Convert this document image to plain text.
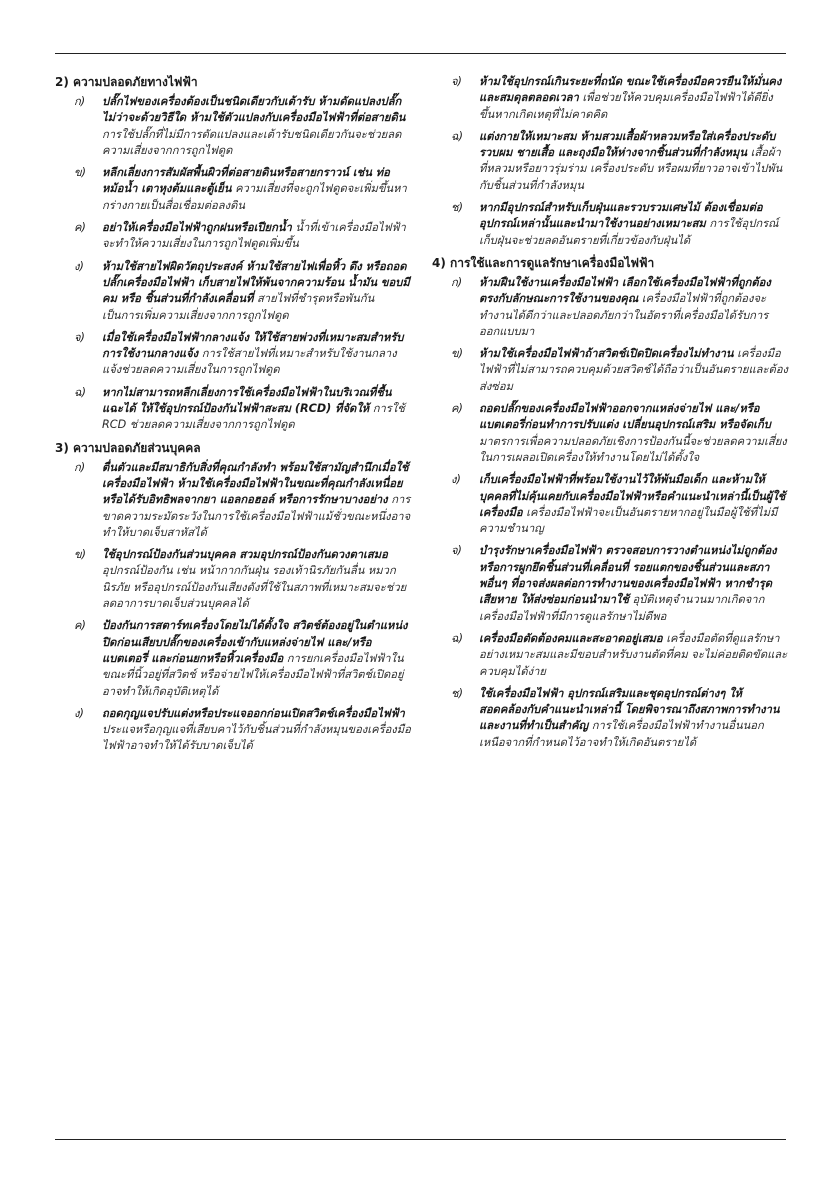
2) ความปลอดภัยทางไฟฟ้า
ก) ปลั๊กไฟของเครื่องต้องเป็นชนิดเดียวกับเต้ารับ ห้ามดัดแปลงปลั๊กไม่ว่าจะด้วยวิธีใด ห้ามใช้ตัวแปลงกับเครื่องมือไฟฟ้าที่ต่อสายดิน การใช้ปลั๊กที่ไม่มีการดัดแปลงและเต้ารับชนิดเดียวกันจะช่วยลดความเสี่ยงจากการถูกไฟดูด
ข) หลีกเลี่ยงการสัมผัสพื้นผิวที่ต่อสายดินหรือสายกราวน์ เช่น ท่อ หม้อน้ำ เตาหุงต้มและตู้เย็น ความเสี่ยงที่จะถูกไฟดูดจะเพิ่มขึ้นหากร่างกายเป็นสื่อเชื่อมต่อลงดิน
ค) อย่าให้เครื่องมือไฟฟ้าถูกฝนหรือเปียกน้ำ น้ำที่เข้าเครื่องมือไฟฟ้าจะทำให้ความเสี่ยงในการถูกไฟดูดเพิ่มขึ้น
ง) ห้ามใช้สายไฟผิดวัตถุประสงค์ ห้ามใช้สายไฟเพื่อหิ้ว ดึง หรือถอดปลั๊กเครื่องมือไฟฟ้า เก็บสายไฟให้พ้นจากความร้อน น้ำมัน ขอบมีคม หรือ ชิ้นส่วนที่กำลังเคลื่อนที่ สายไฟที่ชำรุดหรือพันกันเป็นการเพิ่มความเสี่ยงจากการถูกไฟดูด
จ) เมื่อใช้เครื่องมือไฟฟ้ากลางแจ้ง ให้ใช้สายพ่วงที่เหมาะสมสำหรับการใช้งานกลางแจ้ง การใช้สายไฟที่เหมาะสำหรับใช้งานกลางแจ้งช่วยลดความเสี่ยงในการถูกไฟดูด
ฉ) หากไม่สามารถหลีกเลี่ยงการใช้เครื่องมือไฟฟ้าในบริเวณที่ชื้นแฉะได้ ให้ใช้อุปกรณ์ป้องกันไฟฟ้าสะสม (RCD) ที่จัดให้ การใช้ RCD ช่วยลดความเสี่ยงจากการถูกไฟดูด
3) ความปลอดภัยส่วนบุคคล
ก) ตื่นตัวและมีสมาธิกับสิ่งที่คุณกำลังทำ พร้อมใช้สามัญสำนึกเมื่อใช้เครื่องมือไฟฟ้า ห้ามใช้เครื่องมือไฟฟ้าในขณะที่คุณกำลังเหนื่อยหรือได้รับอิทธิพลจากยา แอลกอฮอล์ หรือการรักษาบางอย่าง การขาดความระมัดระวังในการใช้เครื่องมือไฟฟ้าแม้ชั่วขณะหนึ่งอาจทำให้บาดเจ็บสาหัสได้
ข) ใช้อุปกรณ์ป้องกันส่วนบุคคล สวมอุปกรณ์ป้องกันดวงตาเสมอ อุปกรณ์ป้องกัน เช่น หน้ากากกันฝุ่น รองเท้านิรภัยกันลื่น หมวกนิรภัย หรืออุปกรณ์ป้องกันเสียงดังที่ใช้ในสภาพที่เหมาะสมจะช่วยลดอาการบาดเจ็บส่วนบุคคลได้
ค) ป้องกันการสตาร์ทเครื่องโดยไม่ได้ตั้งใจ สวิตช์ต้องอยู่ในตำแหน่งปิดก่อนเสียบปลั๊กของเครื่องเข้ากับแหล่งจ่ายไฟ และ/หรือแบตเตอรี่ และก่อนยกหรือหิ้วเครื่องมือ การยกเครื่องมือไฟฟ้าในขณะที่นิ้วอยู่ที่สวิตช์ หรือจ่ายไฟให้เครื่องมือไฟฟ้าที่สวิตช์เปิดอยู่ อาจทำให้เกิดอุบัติเหตุได้
ง) ถอดกุญแจปรับแต่งหรือประแจออกก่อนเปิดสวิตช์เครื่องมือไฟฟ้า ประแจหรือกุญแจที่เสียบคาไว้กับชิ้นส่วนที่กำลังหมุนของเครื่องมือไฟฟ้าอาจทำให้ได้รับบาดเจ็บได้
จ) ห้ามใช้อุปกรณ์เกินระยะที่ถนัด ขณะใช้เครื่องมือควรยืนให้มั่นคงและสมดุลตลอดเวลา เพื่อช่วยให้ควบคุมเครื่องมือไฟฟ้าได้ดียิ่งขึ้นหากเกิดเหตุที่ไม่คาดคิด
ฉ) แต่งกายให้เหมาะสม ห้ามสวมเสื้อผ้าหลวมหรือใส่เครื่องประดับ รวบผม ชายเสื้อ และถุงมือให้ห่างจากชิ้นส่วนที่กำลังหมุน เสื้อผ้าที่หลวมหรือยาวรุ่มร่าม เครื่องประดับ หรือผมที่ยาวอาจเข้าไปพันกับชิ้นส่วนที่กำลังหมุน
ช) หากมีอุปกรณ์สำหรับเก็บฝุ่นและรวบรวมเศษไม้ ต้องเชื่อมต่ออุปกรณ์เหล่านั้นและนำมาใช้งานอย่างเหมาะสม การใช้อุปกรณ์เก็บฝุ่นจะช่วยลดอันตรายที่เกี่ยวข้องกับฝุ่นได้
4) การใช้และการดูแลรักษาเครื่องมือไฟฟ้า
ก) ห้ามฝืนใช้งานเครื่องมือไฟฟ้า เลือกใช้เครื่องมือไฟฟ้าที่ถูกต้องตรงกับลักษณะการใช้งานของคุณ เครื่องมือไฟฟ้าที่ถูกต้องจะทำงานได้ดีกว่าและปลอดภัยกว่าในอัตราที่เครื่องมือได้รับการออกแบบมา
ข) ห้ามใช้เครื่องมือไฟฟ้าถ้าสวิตช์เปิดปิดเครื่องไม่ทำงาน เครื่องมือไฟฟ้าที่ไม่สามารถควบคุมด้วยสวิตช์ได้ถือว่าเป็นอันตรายและต้องส่งซ่อม
ค) ถอดปลั๊กของเครื่องมือไฟฟ้าออกจากแหล่งจ่ายไฟ และ/หรือ แบตเตอรี่ก่อนทำการปรับแต่ง เปลี่ยนอุปกรณ์เสริม หรือจัดเก็บ มาตรการเพื่อความปลอดภัยเชิงการป้องกันนี้จะช่วยลดความเสี่ยงในการเผลอเปิดเครื่องให้ทำงานโดยไม่ได้ตั้งใจ
ง) เก็บเครื่องมือไฟฟ้าที่พร้อมใช้งานไว้ให้พ้นมือเด็ก และห้ามให้บุคคลที่ไม่คุ้นเคยกับเครื่องมือไฟฟ้าหรือคำแนะนำเหล่านี้เป็นผู้ใช้เครื่องมือ เครื่องมือไฟฟ้าจะเป็นอันตรายหากอยู่ในมือผู้ใช้ที่ไม่มีความชำนาญ
จ) บำรุงรักษาเครื่องมือไฟฟ้า ตรวจสอบการวางตำแหน่งไม่ถูกต้องหรือการผูกยึดชิ้นส่วนที่เคลื่อนที่ รอยแตกของชิ้นส่วนและสภาพอื่นๆ ที่อาจส่งผลต่อการทำงานของเครื่องมือไฟฟ้า หากชำรุดเสียหาย ให้ส่งซ่อมก่อนนำมาใช้ อุบัติเหตุจำนวนมากเกิดจากเครื่องมือไฟฟ้าที่มีการดูแลรักษาไม่ดีพอ
ฉ) เครื่องมือตัดต้องคมและสะอาดอยู่เสมอ เครื่องมือตัดที่ดูแลรักษาอย่างเหมาะสมและมีขอบสำหรับงานตัดที่คม จะไม่ค่อยติดขัดและควบคุมได้ง่าย
ช) ใช้เครื่องมือไฟฟ้า อุปกรณ์เสริมและชุดอุปกรณ์ต่างๆ ให้สอดคล้องกับคำแนะนำเหล่านี้ โดยพิจารณาถึงสภาพการทำงานและงานที่ทำเป็นสำคัญ การใช้เครื่องมือไฟฟ้าทำงานอื่นนอกเหนือจากที่กำหนดไว้อาจทำให้เกิดอันตรายได้
